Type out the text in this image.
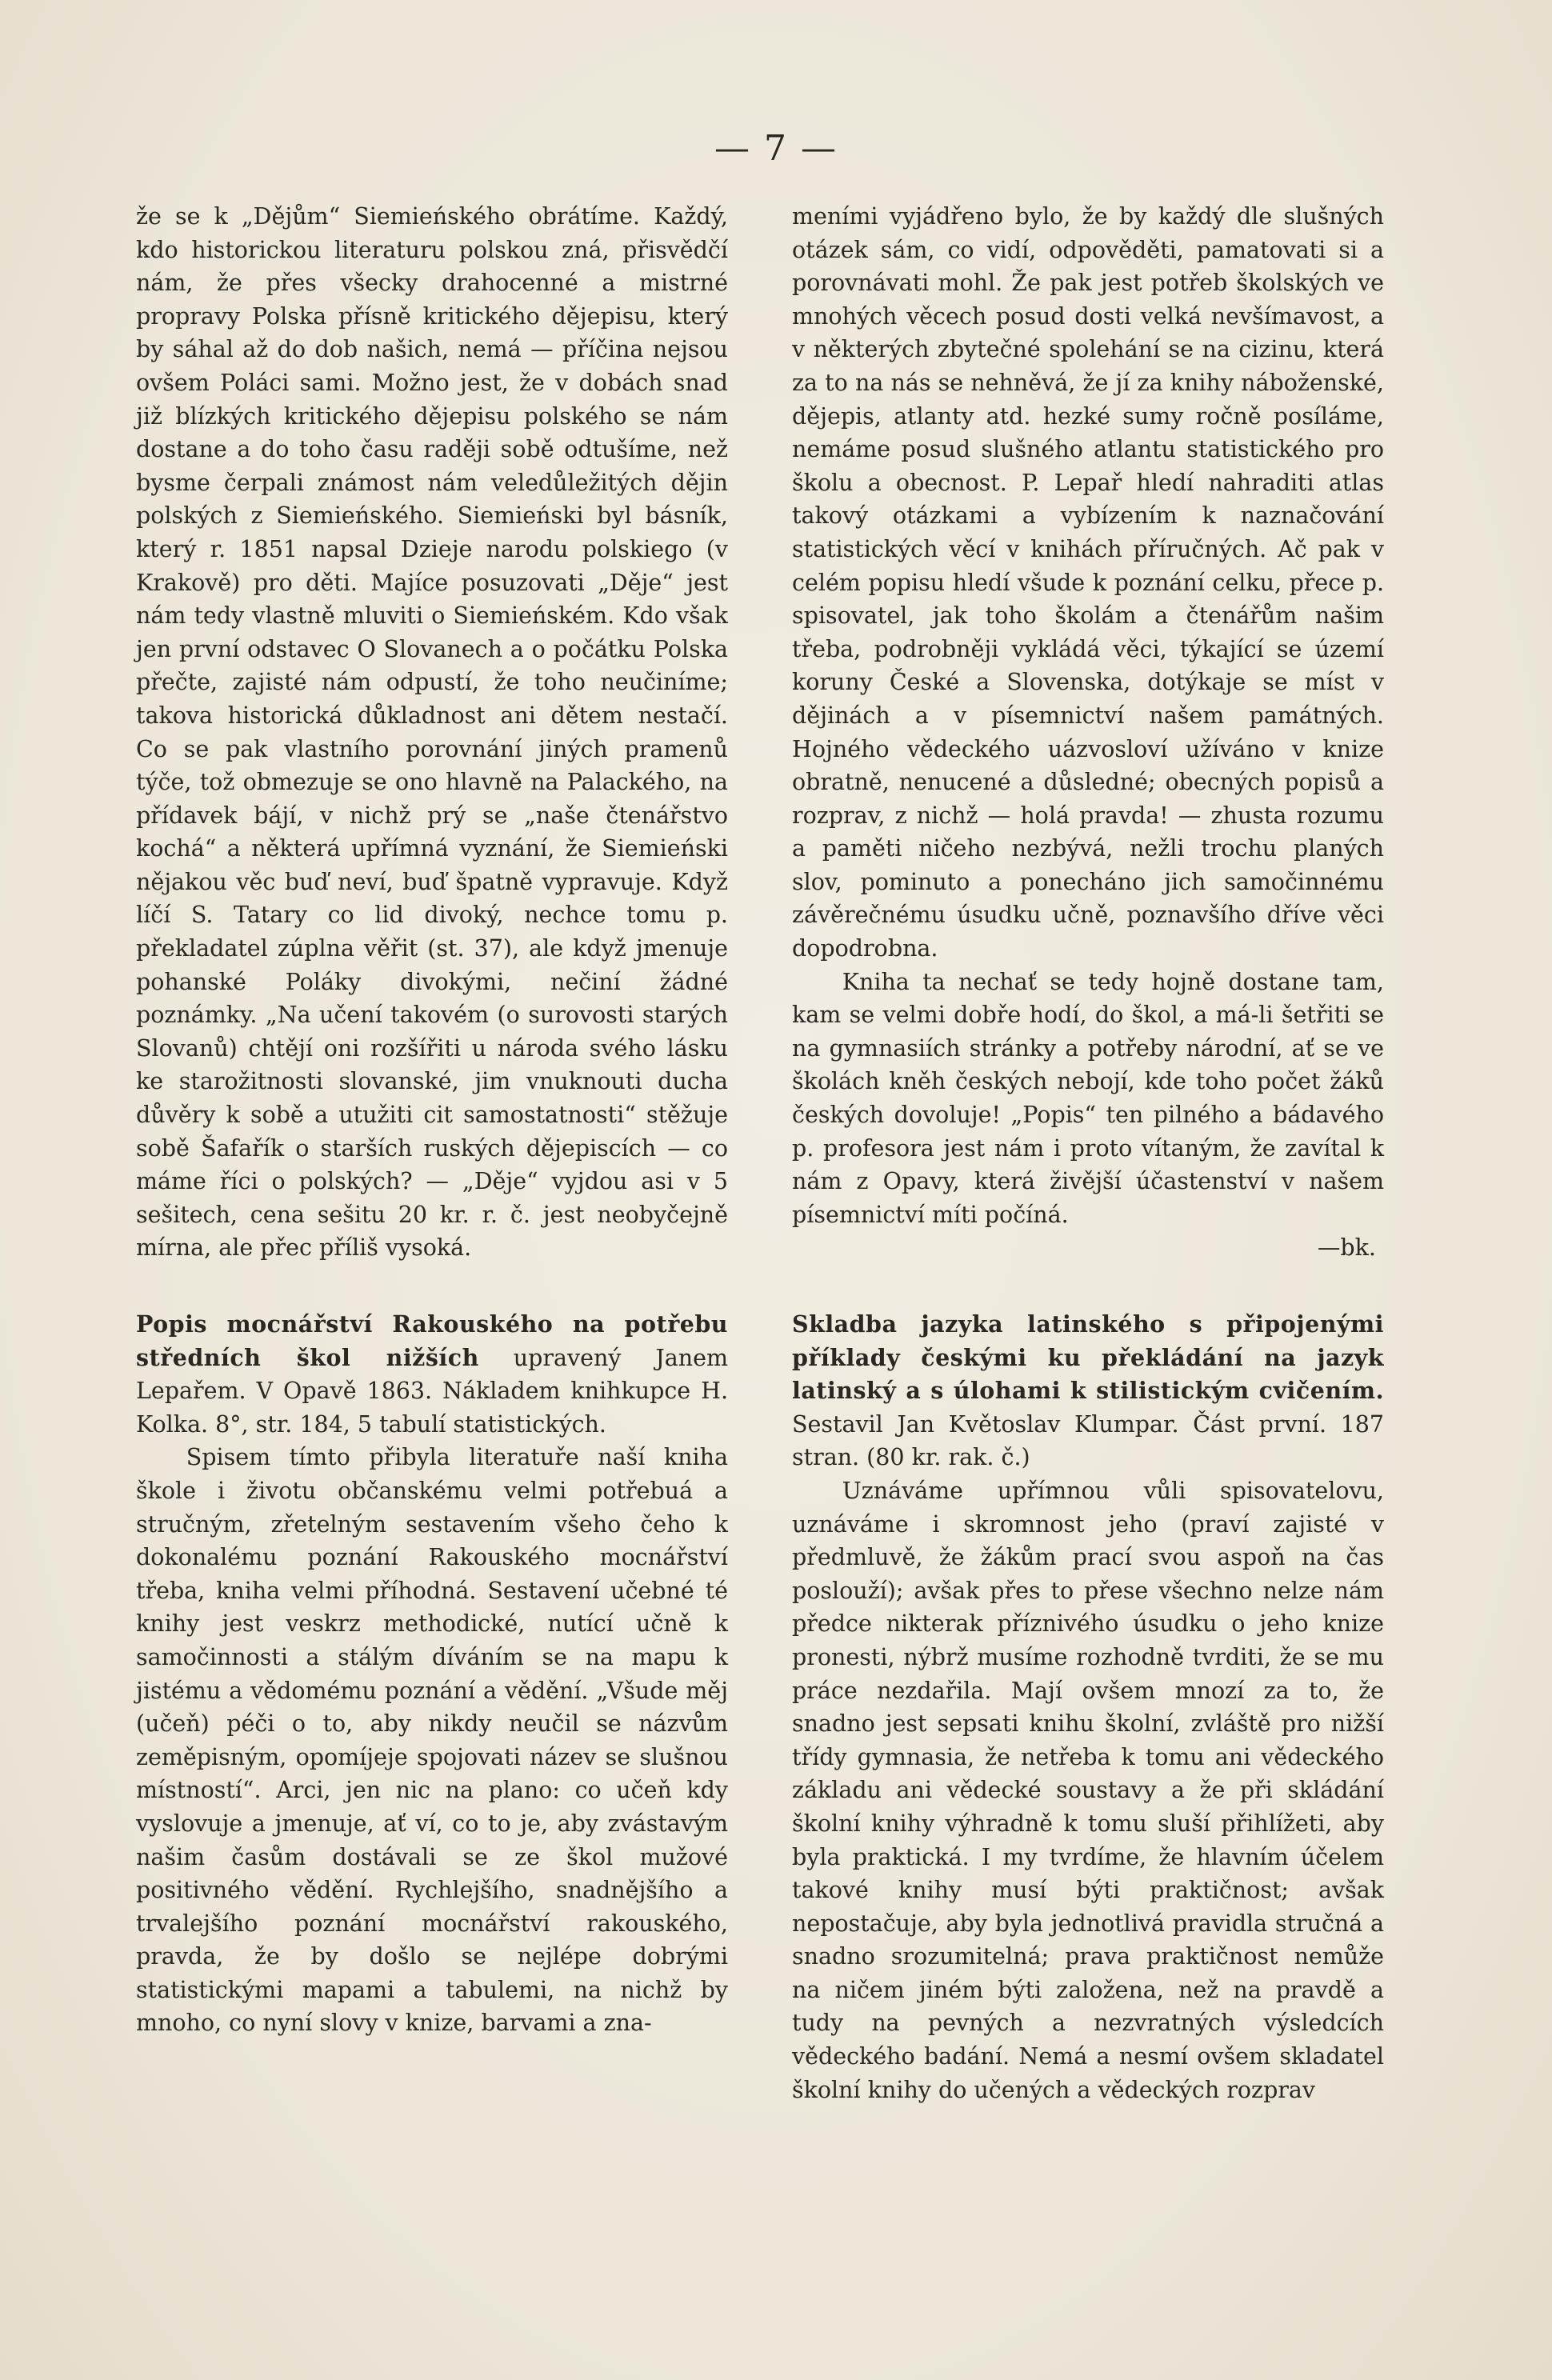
— 7 —

že se k „Dějům“ Siemieńského obrátíme. Každý, kdo historickou literaturu polskou zná, přisvědčí nám, že přes všecky drahocenné a mistrné propravy Polska přísně kritického dějepisu, který by sáhal až do dob našich, nemá — příčina nejsou ovšem Poláci sami. Možno jest, že v dobách snad již blízkých kritického dějepisu polského se nám dostane a do toho času raději sobě odtušíme, než bysme čerpali známost nám veledůležitých dějin polských z Siemieńského. Siemieński byl básník, který r. 1851 napsal Dzieje narodu polskiego (v Krakově) pro děti. Majíce posuzovati „Děje“ jest nám tedy vlastně mluviti o Siemieńském. Kdo však jen první odstavec O Slovanech a o počátku Polska přečte, zajisté nám odpustí, že toho neučiníme; takova historická důkladnost ani dětem nestačí. Co se pak vlastního porovnání jiných pramenů týče, tož obmezuje se ono hlavně na Palackého, na přídavek bájí, v nichž prý se „naše čtenářstvo kochá“ a některá upřímná vyznání, že Siemieński nějakou věc buď neví, buď špatně vypravuje. Když líčí S. Tatary co lid divoký, nechce tomu p. překladatel zúplna věřit (st. 37), ale když jmenuje pohanské Poláky divokými, nečiní žádné poznámky. „Na učení takovém (o surovosti starých Slovanů) chtějí oni rozšířiti u národa svého lásku ke starožitnosti slovanské, jim vnuknouti ducha důvěry k sobě a utužiti cit samostatnosti“ stěžuje sobě Šafařík o starších ruských dějepiscích — co máme říci o polských? — „Děje“ vyjdou asi v 5 sešitech, cena sešitu 20 kr. r. č. jest neobyčejně mírna, ale přec příliš vysoká.

Popis mocnářství Rakouského na potřebu středních škol nižších upravený Janem Lepařem. V Opavě 1863. Nákladem knihkupce H. Kolka. 8°, str. 184, 5 tabulí statistických.

Spisem tímto přibyla literatuře naší kniha škole i životu občanskému velmi potřebuá a stručným, zřetelným sestavením všeho čeho k dokonalému poznání Rakouského mocnářství třeba, kniha velmi příhodná. Sestavení učebné té knihy jest veskrz methodické, nutící učně k samočinnosti a stálým díváním se na mapu k jistému a vědomému poznání a vědění. „Všude měj (učeň) péči o to, aby nikdy neučil se názvům zeměpisným, opomíjeje spojovati název se slušnou místností“. Arci, jen nic na plano: co učeň kdy vyslovuje a jmenuje, ať ví, co to je, aby zvástavým našim časům dostávali se ze škol mužové positivného vědění. Rychlejšího, snadnějšího a trvalejšího poznání mocnářství rakouského, pravda, že by došlo se nejlépe dobrými statistickými mapami a tabulemi, na nichž by mnoho, co nyní slovy v knize, barvami a zna-

meními vyjádřeno bylo, že by každý dle slušných otázek sám, co vidí, odpověděti, pamatovati si a porovnávati mohl. Že pak jest potřeb školských ve mnohých věcech posud dosti velká nevšímavost, a v některých zbytečné spolehání se na cizinu, která za to na nás se nehněvá, že jí za knihy náboženské, dějepis, atlanty atd. hezké sumy ročně posíláme, nemáme posud slušného atlantu statistického pro školu a obecnost. P. Lepař hledí nahraditi atlas takový otázkami a vybízením k naznačování statistických věcí v knihách příručných. Ač pak v celém popisu hledí všude k poznání celku, přece p. spisovatel, jak toho školám a čtenářům našim třeba, podrobněji vykládá věci, týkající se území koruny České a Slovenska, dotýkaje se míst v dějinách a v písemnictví našem památných. Hojného vědeckého uázvosloví užíváno v knize obratně, nenucené a důsledné; obecných popisů a rozprav, z nichž — holá pravda! — zhusta rozumu a paměti ničeho nezbývá, nežli trochu planých slov, pominuto a ponecháno jich samočinnému závěrečnému úsudku učně, poznavšího dříve věci dopodrobna.

Kniha ta nechať se tedy hojně dostane tam, kam se velmi dobře hodí, do škol, a má-li šetřiti se na gymnasiích stránky a potřeby národní, ať se ve školách kněh českých nebojí, kde toho počet žáků českých dovoluje! „Popis“ ten pilného a bádavého p. profesora jest nám i proto vítaným, že zavítal k nám z Opavy, která živější účastenství v našem písemnictví míti počíná.

—bk.

Skladba jazyka latinského s připojenými příklady českými ku překládání na jazyk latinský a s úlohami k stilistickým cvičením. Sestavil Jan Květoslav Klumpar. Část první. 187 stran. (80 kr. rak. č.)

Uznáváme upřímnou vůli spisovatelovu, uznáváme i skromnost jeho (praví zajisté v předmluvě, že žákům prací svou aspoň na čas poslouží); avšak přes to přese všechno nelze nám předce nikterak příznivého úsudku o jeho knize pronesti, nýbrž musíme rozhodně tvrditi, že se mu práce nezdařila. Mají ovšem mnozí za to, že snadno jest sepsati knihu školní, zvláště pro nižší třídy gymnasia, že netřeba k tomu ani vědeckého základu ani vědecké soustavy a že při skládání školní knihy výhradně k tomu sluší přihlížeti, aby byla praktická. I my tvrdíme, že hlavním účelem takové knihy musí býti praktičnost; avšak nepostačuje, aby byla jednotlivá pravidla stručná a snadno srozumitelná; prava praktičnost nemůže na ničem jiném býti založena, než na pravdě a tudy na pevných a nezvratných výsledcích vědeckého badání. Nemá a nesmí ovšem skladatel školní knihy do učených a vědeckých rozprav
